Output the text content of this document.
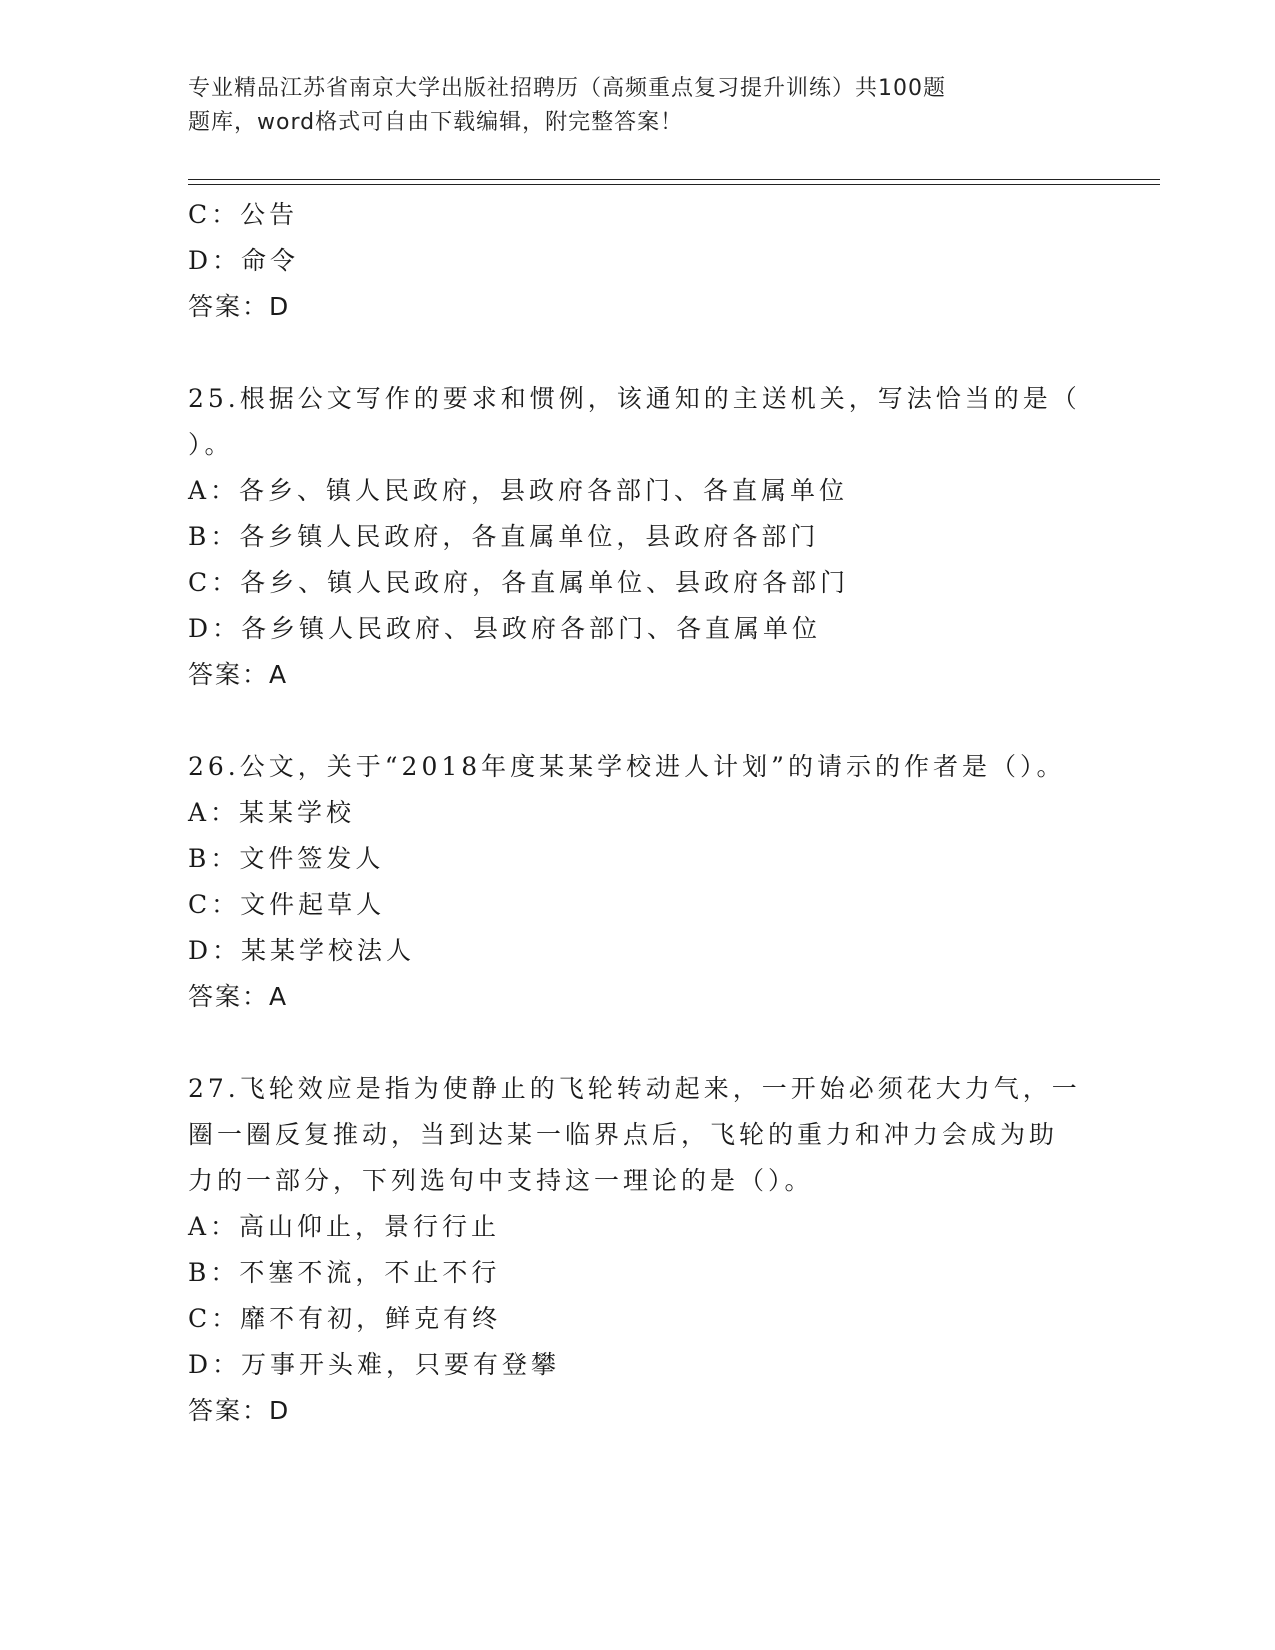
专业精品江苏省南京大学出版社招聘历（高频重点复习提升训练）共100题
题库，word格式可自由下载编辑，附完整答案！
C：公告
D：命令
答案：D
25.根据公文写作的要求和惯例，该通知的主送机关，写法恰当的是（
）。
A：各乡、镇人民政府，县政府各部门、各直属单位
B：各乡镇人民政府，各直属单位，县政府各部门
C：各乡、镇人民政府，各直属单位、县政府各部门
D：各乡镇人民政府、县政府各部门、各直属单位
答案：A
26.公文，关于“2018年度某某学校进人计划”的请示的作者是（）。
A：某某学校
B：文件签发人
C：文件起草人
D：某某学校法人
答案：A
27.飞轮效应是指为使静止的飞轮转动起来，一开始必须花大力气，一
圈一圈反复推动，当到达某一临界点后，飞轮的重力和冲力会成为助
力的一部分，下列选句中支持这一理论的是（）。
A：高山仰止，景行行止
B：不塞不流，不止不行
C：靡不有初，鲜克有终
D：万事开头难，只要有登攀
答案：D
